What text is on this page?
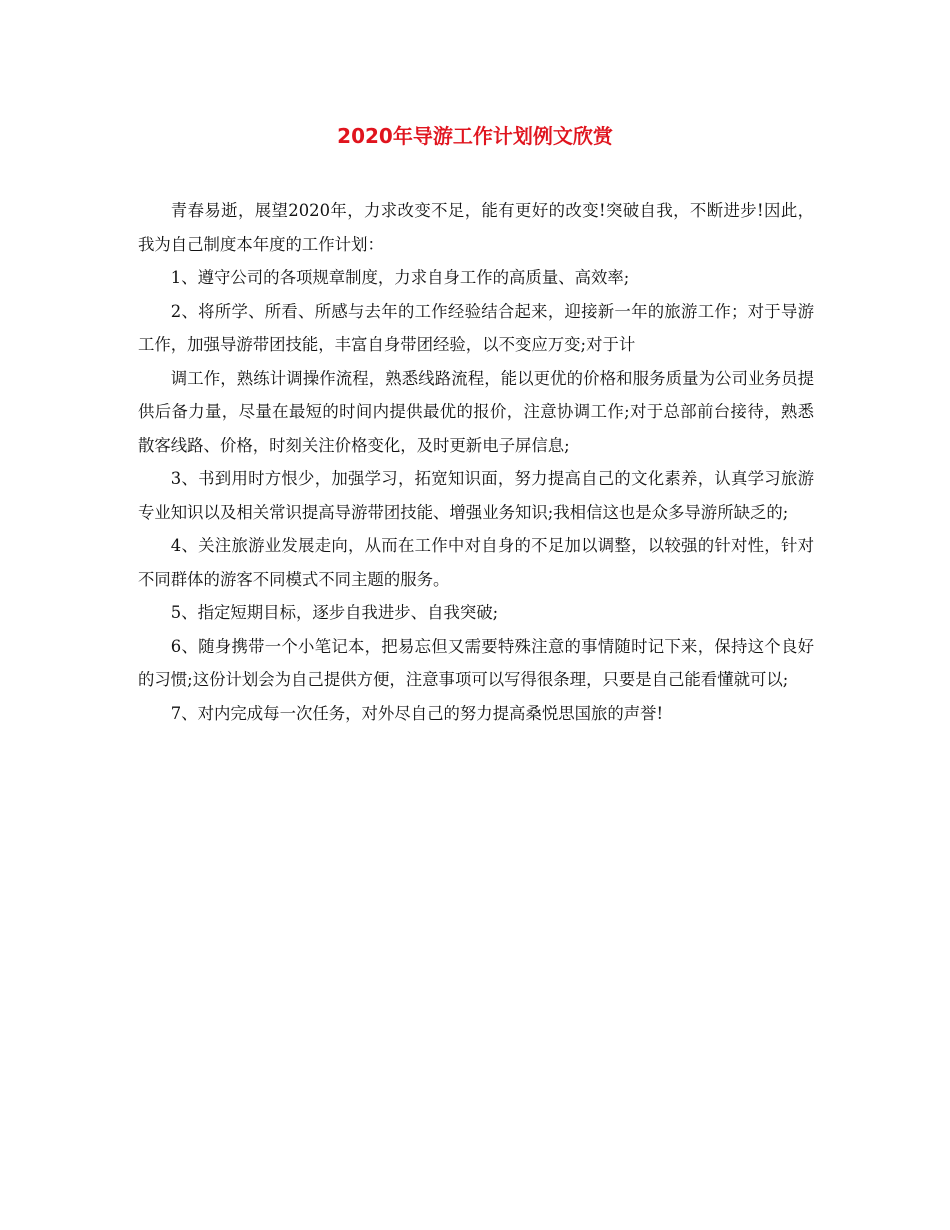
2020年导游工作计划例文欣赏

青春易逝，展望2020年，力求改变不足，能有更好的改变!突破自我，不断进步!因此，我为自己制度本年度的工作计划：

1、遵守公司的各项规章制度，力求自身工作的高质量、高效率;

2、将所学、所看、所感与去年的工作经验结合起来，迎接新一年的旅游工作；对于导游工作，加强导游带团技能，丰富自身带团经验，以不变应万变;对于计

调工作，熟练计调操作流程，熟悉线路流程，能以更优的价格和服务质量为公司业务员提供后备力量，尽量在最短的时间内提供最优的报价，注意协调工作;对于总部前台接待，熟悉散客线路、价格，时刻关注价格变化，及时更新电子屏信息;

3、书到用时方恨少，加强学习，拓宽知识面，努力提高自己的文化素养，认真学习旅游专业知识以及相关常识提高导游带团技能、增强业务知识;我相信这也是众多导游所缺乏的;

4、关注旅游业发展走向，从而在工作中对自身的不足加以调整，以较强的针对性，针对不同群体的游客不同模式不同主题的服务。

5、指定短期目标，逐步自我进步、自我突破;

6、随身携带一个小笔记本，把易忘但又需要特殊注意的事情随时记下来，保持这个良好的习惯;这份计划会为自己提供方便，注意事项可以写得很条理，只要是自己能看懂就可以;

7、对内完成每一次任务，对外尽自己的努力提高桑悦思国旅的声誉!
